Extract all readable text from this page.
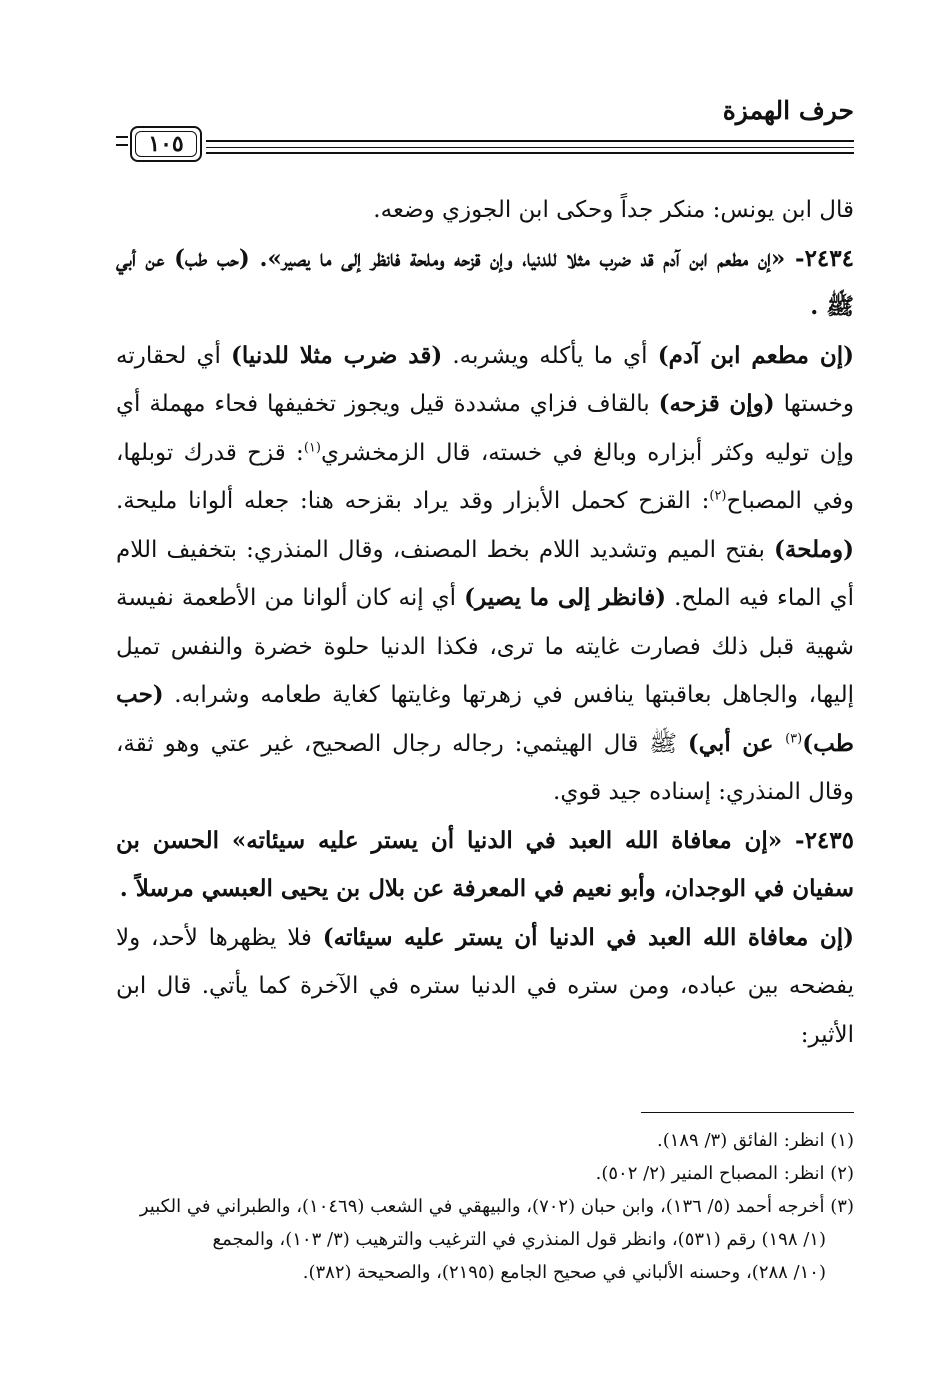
حرف الهمزة
١٠٥

قال ابن يونس: منكر جداً وحكى ابن الجوزي وضعه.

٢٤٣٤- «إن مطعم ابن آدم قد ضرب مثلا للدنيا، وإن قزحه وملحة فانظر إلى ما يصير». (حب طب) عن أبي ﷺ .

(إن مطعم ابن آدم) أي ما يأكله ويشربه. (قد ضرب مثلا للدنيا) أي لحقارته وخستها (وإن قزحه) بالقاف فزاي مشددة قيل ويجوز تخفيفها فحاء مهملة أي وإن توليه وكثر أبزاره وبالغ في خسته، قال الزمخشري$^{(١)}$: قزح قدرك توبلها، وفي المصباح$^{(٢)}$: القزح كحمل الأبزار وقد يراد بقزحه هنا: جعله ألوانا مليحة. (وملحة) بفتح الميم وتشديد اللام بخط المصنف، وقال المنذري: بتخفيف اللام أي الماء فيه الملح. (فانظر إلى ما يصير) أي إنه كان ألوانا من الأطعمة نفيسة شهية قبل ذلك فصارت غايته ما ترى، فكذا الدنيا حلوة خضرة والنفس تميل إليها، والجاهل بعاقبتها ينافس في زهرتها وغايتها كغاية طعامه وشرابه. (حب طب)$^{(٣)}$ عن أبي) ﷺ قال الهيثمي: رجاله رجال الصحيح، غير عتي وهو ثقة، وقال المنذري: إسناده جيد قوي.

٢٤٣٥- «إن معافاة الله العبد في الدنيا أن يستر عليه سيئاته» الحسن بن سفيان في الوجدان، وأبو نعيم في المعرفة عن بلال بن يحيى العبسي مرسلاً .

(إن معافاة الله العبد في الدنيا أن يستر عليه سيئاته) فلا يظهرها لأحد، ولا يفضحه بين عباده، ومن ستره في الدنيا ستره في الآخرة كما يأتي. قال ابن الأثير:

(١) انظر: الفائق (٣/ ١٨٩).

(٢) انظر: المصباح المنير (٢/ ٥٠٢).

(٣) أخرجه أحمد (٥/ ١٣٦)، وابن حبان (٧٠٢)، والبيهقي في الشعب (١٠٤٦٩)، والطبراني في الكبير

(١/ ١٩٨) رقم (٥٣١)، وانظر قول المنذري في الترغيب والترهيب (٣/ ١٠٣)، والمجمع

(١٠/ ٢٨٨)، وحسنه الألباني في صحيح الجامع (٢١٩٥)، والصحيحة (٣٨٢).
